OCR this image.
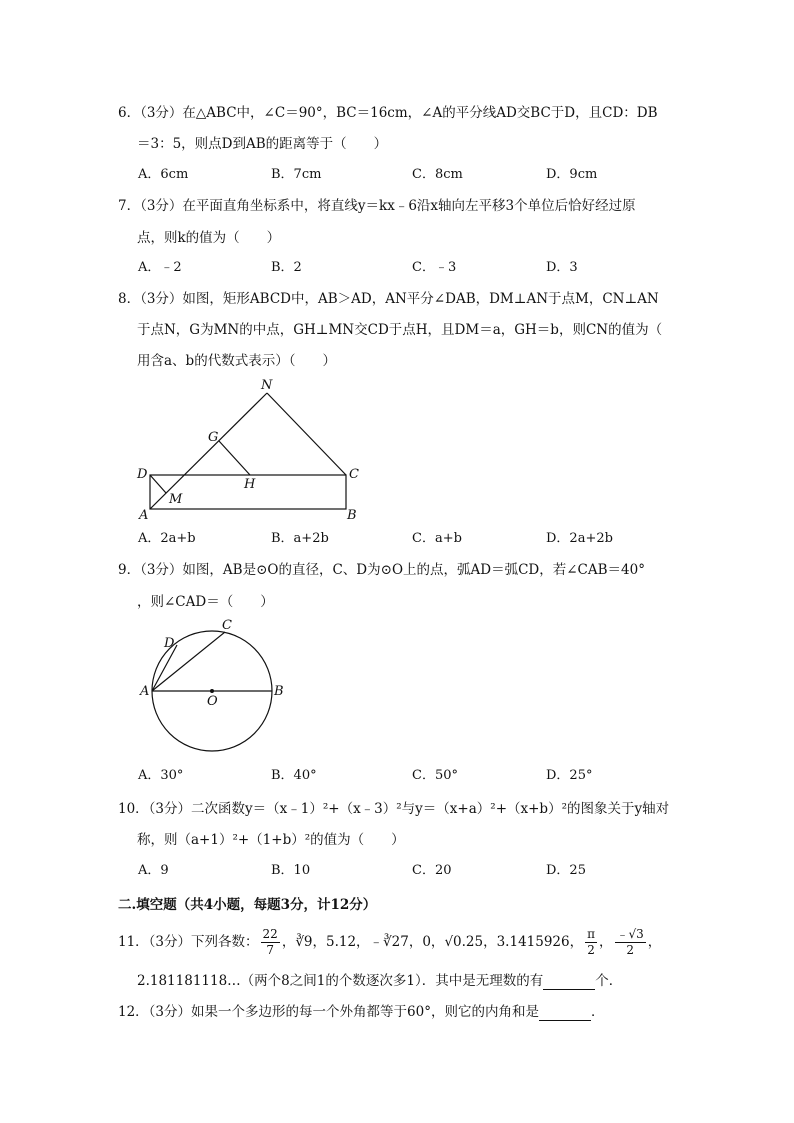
6．（3分）在△ABC中，∠C＝90°，BC＝16cm，∠A的平分线AD交BC于D，且CD：DB
＝3：5，则点D到AB的距离等于（　　）
A．6cm	B．7cm	C．8cm	D．9cm
7．（3分）在平面直角坐标系中，将直线y＝kx﹣6沿x轴向左平移3个单位后恰好经过原
点，则k的值为（　　）
A．﹣2	B．2	C．﹣3	D．3
8．（3分）如图，矩形ABCD中，AB＞AD，AN平分∠DAB，DM⊥AN于点M，CN⊥AN
于点N，G为MN的中点，GH⊥MN交CD于点H，且DM＝a，GH＝b，则CN的值为（
用含a、b的代数式表示）（　　）
N
G
D
H
C
M
A	B
A．2a+b	B．a+2b	C．a+b	D．2a+2b
9．（3分）如图，AB是⊙O的直径，C、D为⊙O上的点，弧AD＝弧CD，若∠CAB＝40°
，则∠CAD＝（　　）
C
D
A	B
O
A．30°	B．40°	C．50°	D．25°
10．（3分）二次函数y＝（x﹣1）²+（x﹣3）²与y＝（x+a）²+（x+b）²的图象关于y轴对
称，则（a+1）²+（1+b）²的值为（　　）
A．9	B．10	C．20	D．25
二.填空题（共4小题，每题3分，计12分）
11．（3分）下列各数： $\frac{22}{7}$ ，∛9，5.12，﹣∛27，0，√0.25，3.1415926， $\frac{\pi}{2}$ ， $\frac{﹣√3}{2}$ ，
2.181181118…（两个8之间1的个数逐次多1）．其中是无理数的有	个．
12．（3分）如果一个多边形的每一个外角都等于60°，则它的内角和是	．
